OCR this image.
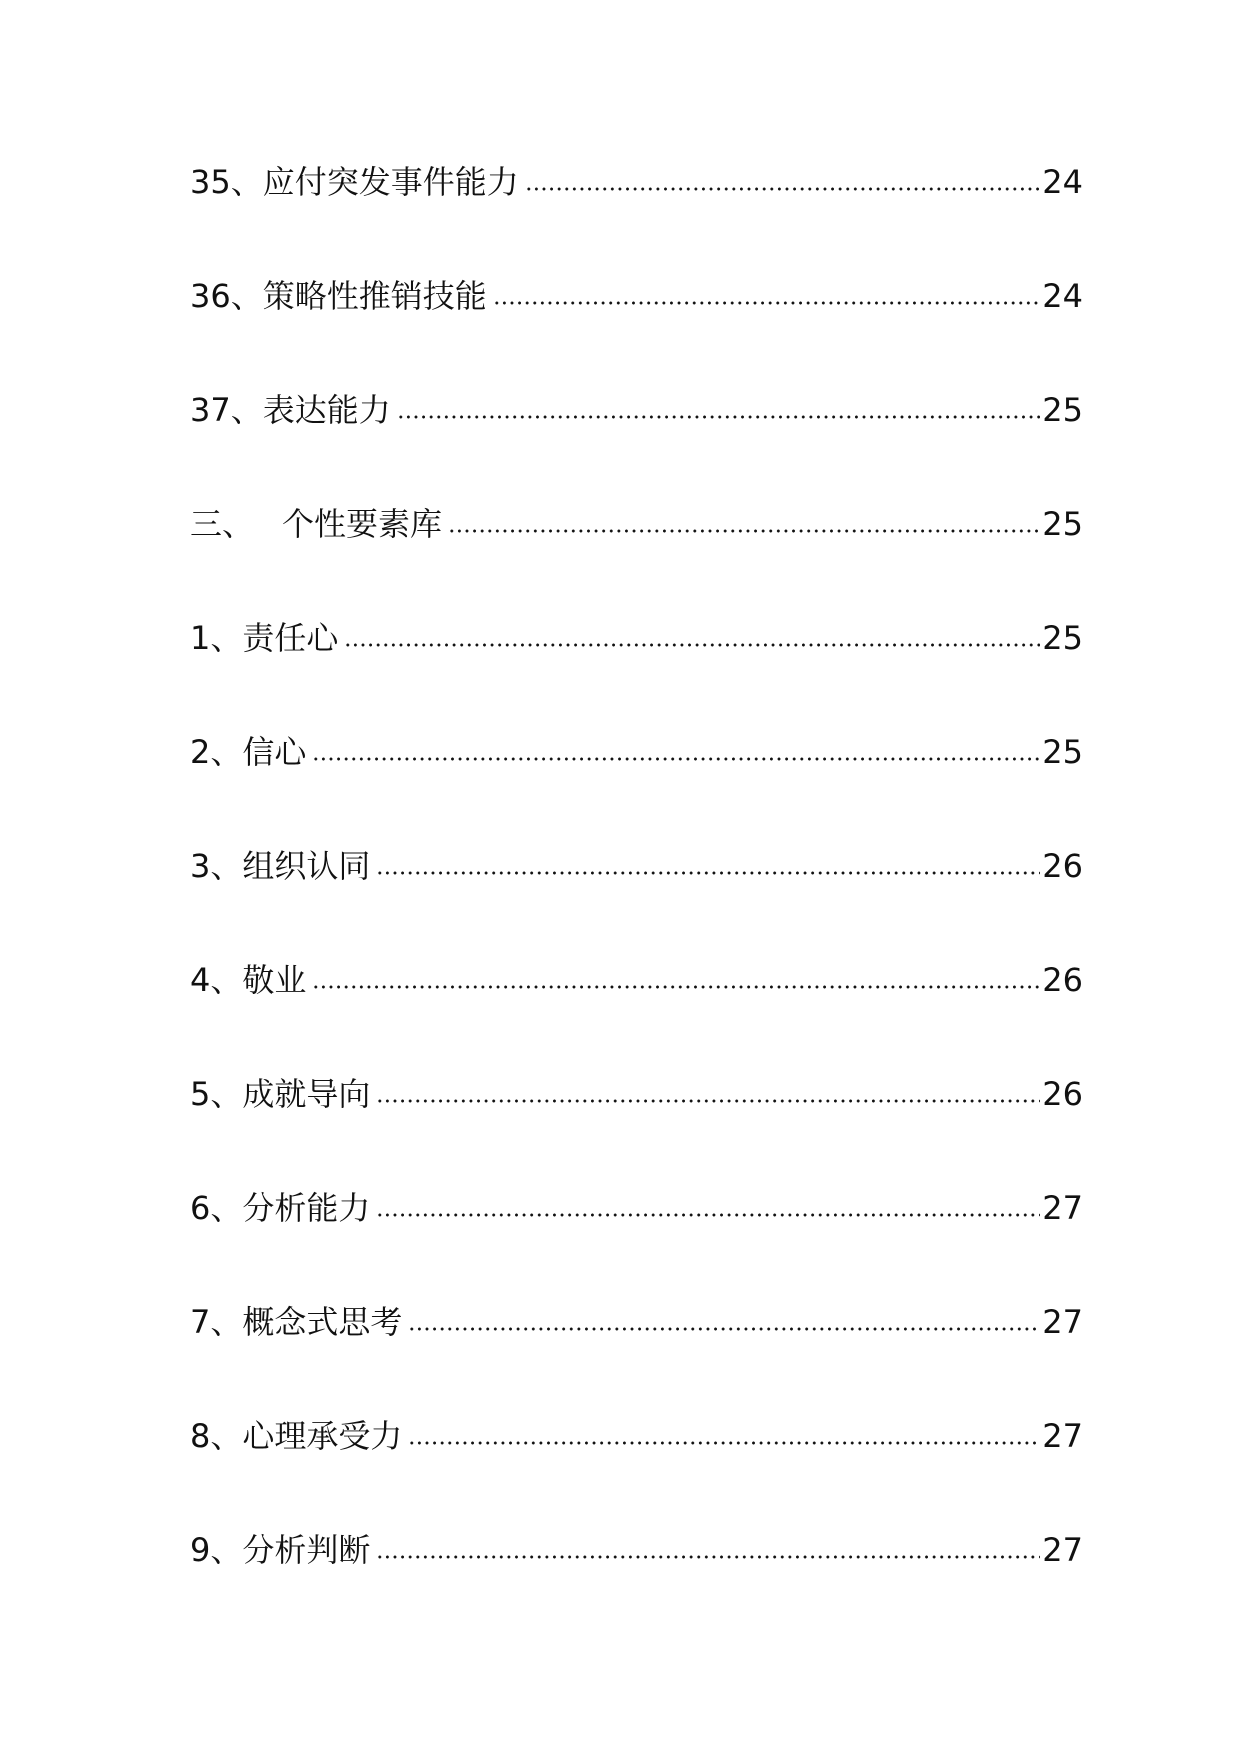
35、应付突发事件能力	24
36、策略性推销技能	24
37、表达能力	25
三、 个性要素库	25
1、责任心	25
2、信心	25
3、组织认同	26
4、敬业	26
5、成就导向	26
6、分析能力	27
7、概念式思考	27
8、心理承受力	27
9、分析判断	27
